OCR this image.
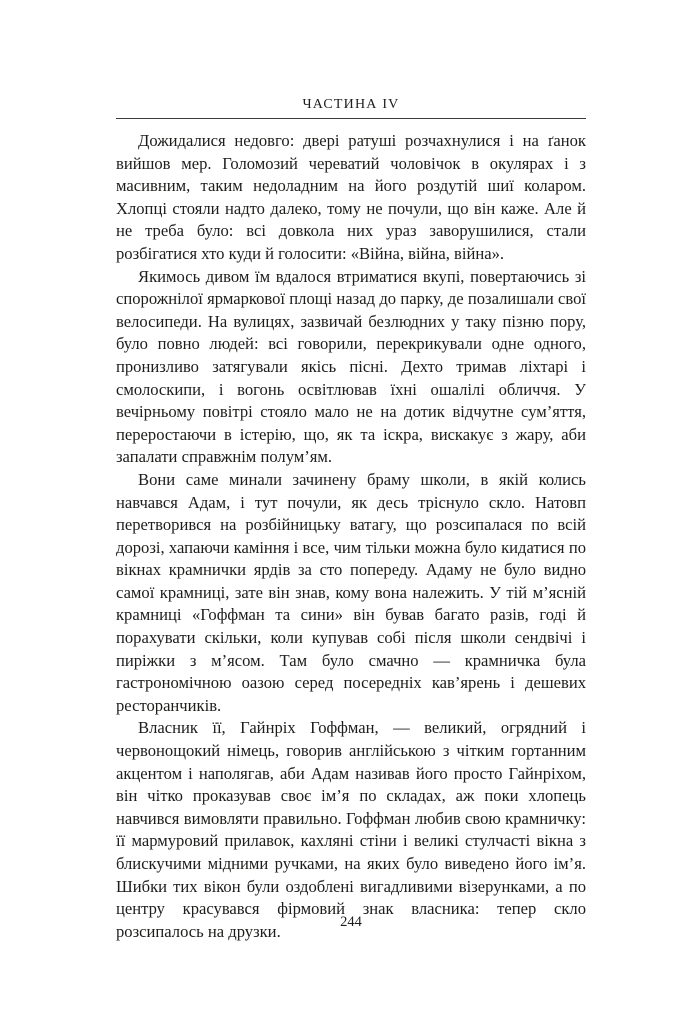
ЧАСТИНА IV

Дожидалися недовго: двері ратуші розчахнулися і на ґанок вийшов мер. Голомозий череватий чоловічок в окулярах і з масивним, таким недоладним на його роздутій шиї коларом. Хлопці стояли надто далеко, тому не почули, що він каже. Але й не треба було: всі довкола них ураз заворушилися, стали розбігатися хто куди й голосити: «Війна, війна, війна».

Якимось дивом їм вдалося втриматися вкупі, повертаючись зі спорожнілої ярмаркової площі назад до парку, де позалишали свої велосипеди. На вулицях, зазвичай безлюдних у таку пізню пору, було повно людей: всі говорили, перекрикували одне одного, пронизливо затягували якісь пісні. Дехто тримав ліхтарі і смолоскипи, і вогонь освітлював їхні ошалілі обличчя. У вечірньому повітрі стояло мало не на дотик відчутне сум’яття, переростаючи в істерію, що, як та іскра, вискакує з жару, аби запалати справжнім полум’ям.

Вони саме минали зачинену браму школи, в якій колись навчався Адам, і тут почули, як десь тріснуло скло. Натовп перетворився на розбійницьку ватагу, що розсипалася по всій дорозі, хапаючи каміння і все, чим тільки можна було кидатися по вікнах крамнички ярдів за сто попереду. Адаму не було видно самої крамниці, зате він знав, кому вона належить. У тій м’ясній крамниці «Гоффман та сини» він бував багато разів, годі й порахувати скільки, коли купував собі після школи сендвічі і пиріжки з м’ясом. Там було смачно — крамничка була гастрономічною оазою серед посередніх кав’ярень і дешевих ресторанчиків.

Власник її, Гайнріх Гоффман, — великий, огрядний і червонощокий німець, говорив англійською з чітким гортанним акцентом і наполягав, аби Адам називав його просто Гайнріхом, він чітко проказував своє ім’я по складах, аж поки хлопець навчився вимовляти правильно. Гоффман любив свою крамничку: її мармуровий прилавок, кахляні стіни і великі стулчасті вікна з блискучими мідними ручками, на яких було виведено його ім’я. Шибки тих вікон були оздоблені вигадливими візерунками, а по центру красувався фірмовий знак власника: тепер скло розсипалось на друзки.	244
